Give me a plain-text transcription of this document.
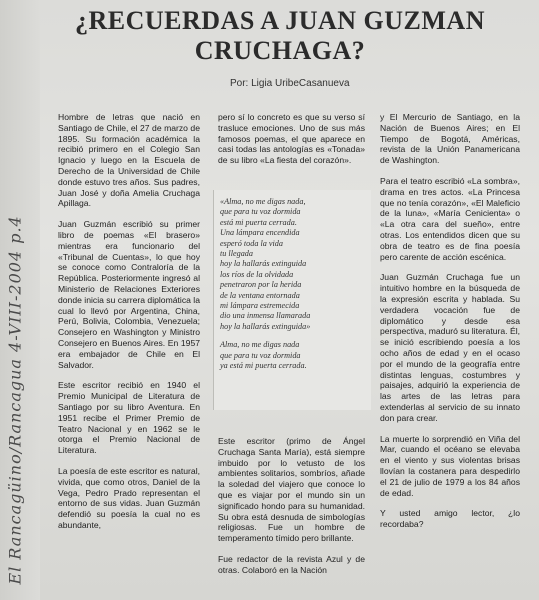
El Rancagüino/Rancagua 4-VIII-2004 p.4
¿RECUERDAS A JUAN GUZMAN
CRUCHAGA?
Por: Ligia UribeCasanueva

Hombre de letras que nació en Santiago de Chile, el 27 de marzo de 1895. Su formación académica la recibió primero en el Colegio San Ignacio y luego en la Escuela de Derecho de la Universidad de Chile donde estuvo tres años. Sus padres, Juan José y doña Amelia Cruchaga Apillaga.

Juan Guzmán escribió su primer libro de poemas «El brasero» mientras era funcionario del «Tribunal de Cuentas», lo que hoy se conoce como Contraloría de la República. Posteriormente ingresó al Ministerio de Relaciones Exteriores donde inicia su carrera diplomática la cual lo llevó por Argentina, China, Perú, Bolivia, Colombia, Venezuela; Consejero en Washington y Ministro Consejero en Buenos Aires. En 1957 era embajador de Chile en El Salvador.

Este escritor recibió en 1940 el Premio Municipal de Literatura de Santiago por su libro Aventura. En 1951 recibe el Primer Premio de Teatro Nacional y en 1962 se le otorga el Premio Nacional de Literatura.

La poesía de este escritor es natural, vivida, que como otros, Daniel de la Vega, Pedro Prado representan el entorno de sus vidas. Juan Guzmán defendió su poesía la cual no es abundante,

pero sí lo concreto es que su verso sí trasluce emociones. Uno de sus más famosos poemas, el que aparece en casi todas las antologías es «Tonada» de su libro «La fiesta del corazón».

«Alma, no me digas nada,
que para tu voz dormida
está mi puerta cerrada.
Una lámpara encendida
esperó toda la vida
tu llegada
hoy la hallarás extinguida
los ríos de la olvidada
penetraron por la herida
de la ventana entornada
mi lámpara estremecida
dio una inmensa llamarada
hoy la hallarás extinguida»

Alma, no me digas nada
que para tu voz dormida
ya está mi puerta cerrada.

Este escritor (primo de Ángel Cruchaga Santa María), está siempre imbuido por lo vetusto de los ambientes solitarios, sombríos, añade la soledad del viajero que conoce lo que es viajar por el mundo sin un significado hondo para su humanidad. Su obra está desnuda de simbologías religiosas. Fue un hombre de temperamento tímido pero brillante.

Fue redactor de la revista Azul y de otras. Colaboró en la Nación

y El Mercurio de Santiago, en la Nación de Buenos Aires; en El Tiempo de Bogotá, Américas, revista de la Unión Panamericana de Washington.

Para el teatro escribió «La sombra», drama en tres actos. «La Princesa que no tenía corazón», «El Maleficio de la luna», «María Cenicienta» o «La otra cara del sueño», entre otras. Los entendidos dicen que su obra de teatro es de fina poesía pero carente de acción escénica.

Juan Guzmán Cruchaga fue un intuitivo hombre en la búsqueda de la expresión escrita y hablada. Su verdadera vocación fue de diplomático y desde esa perspectiva, maduró su literatura. Él, se inició escribiendo poesía a los ocho años de edad y en el ocaso por el mundo de la geografía entre distintas lenguas, costumbres y paisajes, adquirió la experiencia de las artes de las letras para extenderlas al servicio de su innato don para crear.

La muerte lo sorprendió en Viña del Mar, cuando el océano se elevaba en el viento y sus violentas brisas llovían la costanera para despedirlo el 21 de julio de 1979 a los 84 años de edad.

Y usted amigo lector, ¿lo recordaba?
